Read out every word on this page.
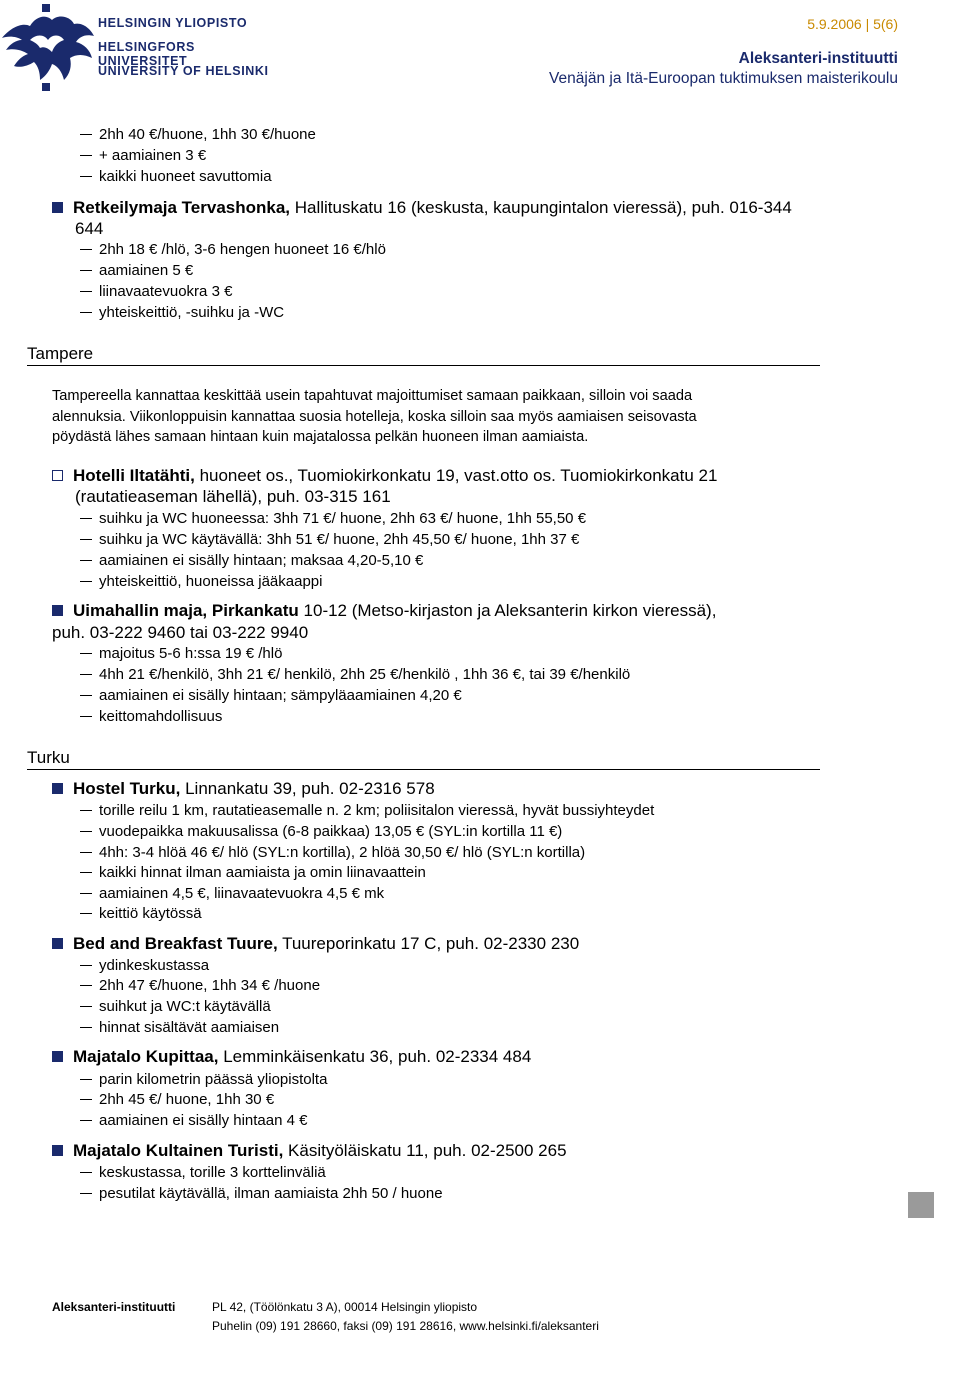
HELSINGIN YLIOPISTO
HELSINGFORS UNIVERSITET
UNIVERSITY OF HELSINKI
5.9.2006 | 5(6)
Aleksanteri-instituutti
Venäjän ja Itä-Euroopan tuktimuksen maisterikoulu
2hh 40 €/huone, 1hh 30 €/huone
+ aamiainen 3 €
kaikki huoneet savuttomia
Retkeilymaja Tervashonka, Hallituskatu 16 (keskusta, kaupungintalon vieressä), puh. 016-344
644
2hh 18 € /hlö, 3-6 hengen huoneet 16 €/hlö
aamiainen 5 €
liinavaatevuokra 3 €
yhteiskeittiö, -suihku ja -WC
Tampere
Tampereella kannattaa keskittää usein tapahtuvat majoittumiset samaan paikkaan, silloin voi saada
alennuksia. Viikonloppuisin kannattaa suosia hotelleja, koska silloin saa myös aamiaisen seisovasta
pöydästä lähes samaan hintaan kuin majatalossa pelkän huoneen ilman aamiaista.
Hotelli Iltatähti, huoneet os., Tuomiokirkonkatu 19, vast.otto os. Tuomiokirkonkatu 21
(rautatieaseman lähellä), puh. 03-315 161
suihku ja WC huoneessa: 3hh 71 €/ huone, 2hh 63 €/ huone, 1hh 55,50 €
suihku ja WC käytävällä: 3hh 51 €/ huone, 2hh 45,50 €/ huone, 1hh 37 €
aamiainen ei sisälly hintaan; maksaa 4,20-5,10 €
yhteiskeittiö, huoneissa jääkaappi
Uimahallin maja, Pirkankatu 10-12 (Metso-kirjaston ja Aleksanterin kirkon vieressä),
puh. 03-222 9460 tai 03-222 9940
majoitus 5-6 h:ssa 19 € /hlö
4hh 21 €/henkilö, 3hh 21 €/ henkilö, 2hh 25 €/henkilö , 1hh 36 €, tai 39 €/henkilö
aamiainen ei sisälly hintaan; sämpyläaamiainen 4,20 €
keittomahdollisuus
Turku
Hostel Turku, Linnankatu 39, puh. 02-2316 578
torille reilu 1 km, rautatieasemalle n. 2 km; poliisitalon vieressä, hyvät bussiyhteydet
vuodepaikka makuusalissa (6-8 paikkaa) 13,05 € (SYL:in kortilla 11 €)
4hh: 3-4 hlöä 46 €/ hlö (SYL:n kortilla), 2 hlöä 30,50 €/ hlö (SYL:n kortilla)
kaikki hinnat ilman aamiaista ja omin liinavaattein
aamiainen 4,5 €, liinavaatevuokra 4,5 € mk
keittiö käytössä
Bed and Breakfast Tuure, Tuureporinkatu 17 C, puh. 02-2330 230
ydinkeskustassa
2hh 47 €/huone, 1hh 34 € /huone
suihkut ja WC:t käytävällä
hinnat sisältävät aamiaisen
Majatalo Kupittaa, Lemminkäisenkatu 36, puh. 02-2334 484
parin kilometrin päässä yliopistolta
2hh 45 €/ huone, 1hh 30 €
aamiainen ei sisälly hintaan 4 €
Majatalo Kultainen Turisti, Käsityöläiskatu 11, puh. 02-2500 265
keskustassa, torille 3 korttelinväliä
pesutilat käytävällä, ilman aamiaista 2hh 50 / huone
Aleksanteri-instituutti	PL 42, (Töölönkatu 3 A), 00014 Helsingin yliopisto
Puhelin (09) 191 28660, faksi (09) 191 28616, www.helsinki.fi/aleksanteri
